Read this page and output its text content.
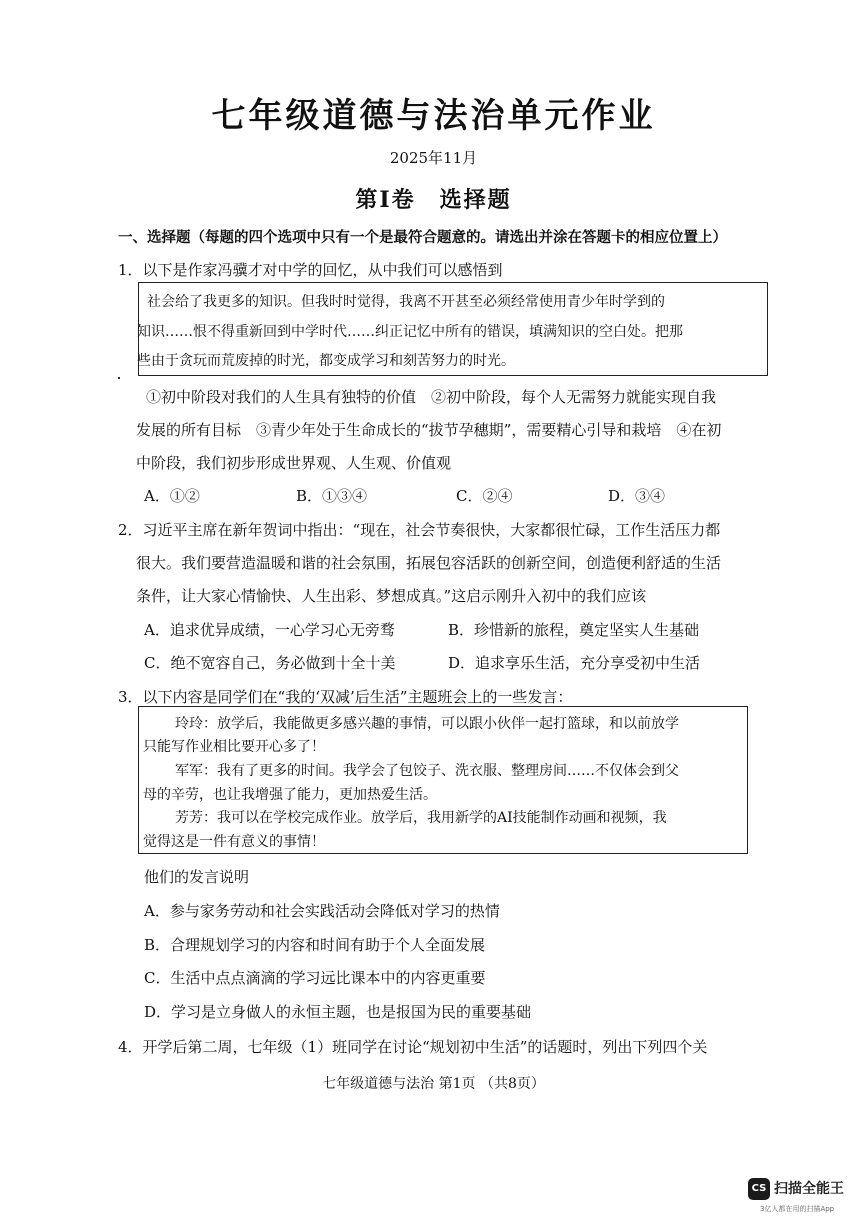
七年级道德与法治单元作业
2025年11月
第Ⅰ卷　选择题
一、选择题（每题的四个选项中只有一个是最符合题意的。请选出并涂在答题卡的相应位置上）
1．以下是作家冯骥才对中学的回忆，从中我们可以感悟到
社会给了我更多的知识。但我时时觉得，我离不开甚至必须经常使用青少年时学到的
知识……恨不得重新回到中学时代……纠正记忆中所有的错误，填满知识的空白处。把那
些由于贪玩而荒废掉的时光，都变成学习和刻苦努力的时光。
①初中阶段对我们的人生具有独特的价值　②初中阶段，每个人无需努力就能实现自我
发展的所有目标　③青少年处于生命成长的“拔节孕穗期”，需要精心引导和栽培　④在初
中阶段，我们初步形成世界观、人生观、价值观
A．①②	B．①③④	C．②④	D．③④
2．习近平主席在新年贺词中指出：“现在，社会节奏很快，大家都很忙碌，工作生活压力都
很大。我们要营造温暖和谐的社会氛围，拓展包容活跃的创新空间，创造便利舒适的生活
条件，让大家心情愉快、人生出彩、梦想成真。”这启示刚升入初中的我们应该
A．追求优异成绩，一心学习心无旁骛	B．珍惜新的旅程，奠定坚实人生基础
C．绝不宽容自己，务必做到十全十美	D．追求享乐生活，充分享受初中生活
3．以下内容是同学们在“我的‘双减’后生活”主题班会上的一些发言：
玲玲：放学后，我能做更多感兴趣的事情，可以跟小伙伴一起打篮球，和以前放学
只能写作业相比要开心多了！
军军：我有了更多的时间。我学会了包饺子、洗衣服、整理房间……不仅体会到父
母的辛劳，也让我增强了能力，更加热爱生活。
芳芳：我可以在学校完成作业。放学后，我用新学的AI技能制作动画和视频，我
觉得这是一件有意义的事情！
他们的发言说明
A．参与家务劳动和社会实践活动会降低对学习的热情
B．合理规划学习的内容和时间有助于个人全面发展
C．生活中点点滴滴的学习远比课本中的内容更重要
D．学习是立身做人的永恒主题，也是报国为民的重要基础
4．开学后第二周，七年级（1）班同学在讨论“规划初中生活”的话题时，列出下列四个关
七年级道德与法治 第1页 （共8页）
CS 扫描全能王
3亿人都在用的扫描App
